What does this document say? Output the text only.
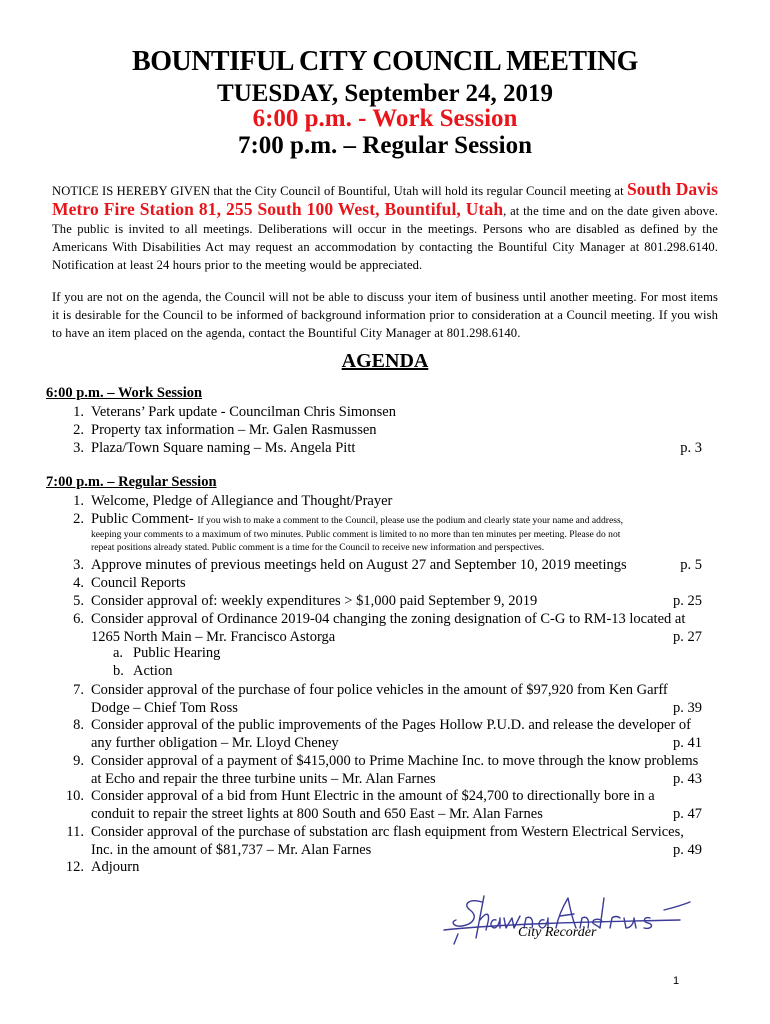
BOUNTIFUL CITY COUNCIL MEETING
TUESDAY, September 24, 2019
6:00 p.m. - Work Session
7:00 p.m. – Regular Session
NOTICE IS HEREBY GIVEN that the City Council of Bountiful, Utah will hold its regular Council meeting at South Davis Metro Fire Station 81, 255 South 100 West, Bountiful, Utah, at the time and on the date given above. The public is invited to all meetings. Deliberations will occur in the meetings. Persons who are disabled as defined by the Americans With Disabilities Act may request an accommodation by contacting the Bountiful City Manager at 801.298.6140. Notification at least 24 hours prior to the meeting would be appreciated.
If you are not on the agenda, the Council will not be able to discuss your item of business until another meeting. For most items it is desirable for the Council to be informed of background information prior to consideration at a Council meeting. If you wish to have an item placed on the agenda, contact the Bountiful City Manager at 801.298.6140.
AGENDA
6:00 p.m. – Work Session
1. Veterans’ Park update - Councilman Chris Simonsen
2. Property tax information – Mr. Galen Rasmussen
3. Plaza/Town Square naming – Ms. Angela Pitt	p. 3
7:00 p.m. – Regular Session
1. Welcome, Pledge of Allegiance and Thought/Prayer
2. Public Comment- If you wish to make a comment to the Council, please use the podium and clearly state your name and address,
keeping your comments to a maximum of two minutes. Public comment is limited to no more than ten minutes per meeting. Please do not
repeat positions already stated. Public comment is a time for the Council to receive new information and perspectives.
3. Approve minutes of previous meetings held on August 27 and September 10, 2019 meetings	p. 5
4. Council Reports
5. Consider approval of: weekly expenditures > $1,000 paid September 9, 2019	p. 25
6. Consider approval of Ordinance 2019-04 changing the zoning designation of C-G to RM-13 located at
1265 North Main – Mr. Francisco Astorga	p. 27
a. Public Hearing
b. Action
7. Consider approval of the purchase of four police vehicles in the amount of $97,920 from Ken Garff
Dodge – Chief Tom Ross	p. 39
8. Consider approval of the public improvements of the Pages Hollow P.U.D. and release the developer of
any further obligation – Mr. Lloyd Cheney	p. 41
9. Consider approval of a payment of $415,000 to Prime Machine Inc. to move through the know problems
at Echo and repair the three turbine units – Mr. Alan Farnes	p. 43
10. Consider approval of a bid from Hunt Electric in the amount of $24,700 to directionally bore in a
conduit to repair the street lights at 800 South and 650 East – Mr. Alan Farnes	p. 47
11. Consider approval of the purchase of substation arc flash equipment from Western Electrical Services,
Inc. in the amount of $81,737 – Mr. Alan Farnes	p. 49
12. Adjourn
City Recorder
1
